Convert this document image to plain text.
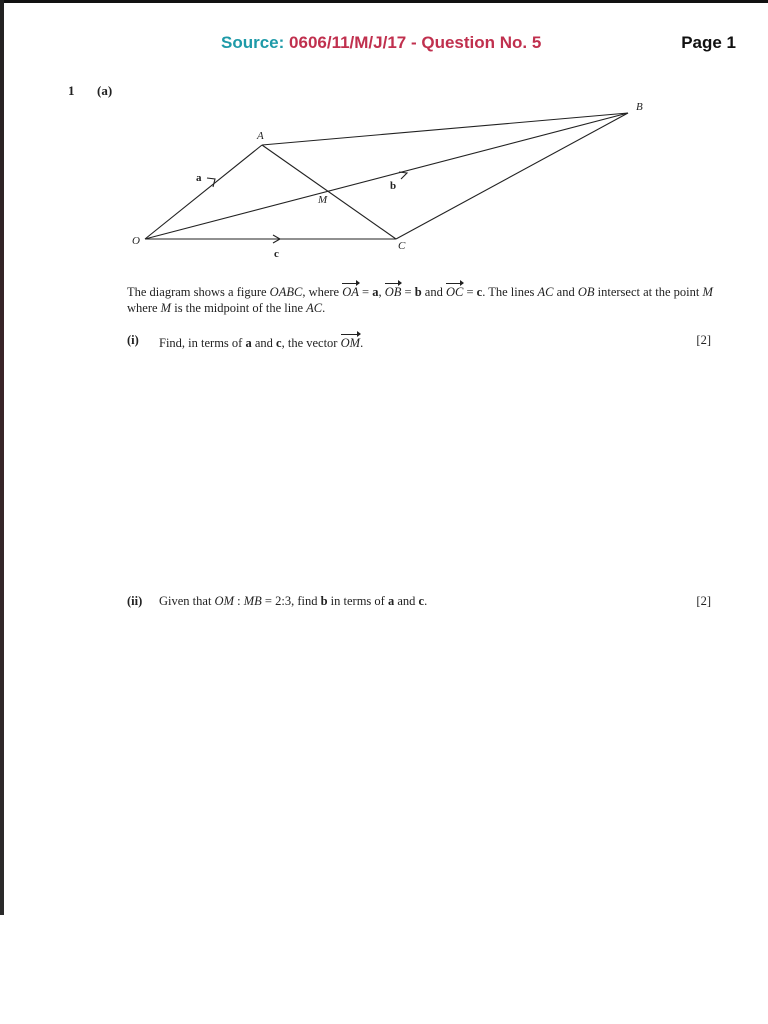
Source: 0606/11/M/J/17 - Question No. 5	Page 1
1 (a)
O
A
B
C
M
a
b
c
The diagram shows a figure OABC, where OA = a, OB = b and OC = c. The lines AC and OB intersect at the point M where M is the midpoint of the line AC.
(i) Find, in terms of a and c, the vector OM.	[2]
(ii) Given that OM : MB = 2:3, find b in terms of a and c.	[2]
